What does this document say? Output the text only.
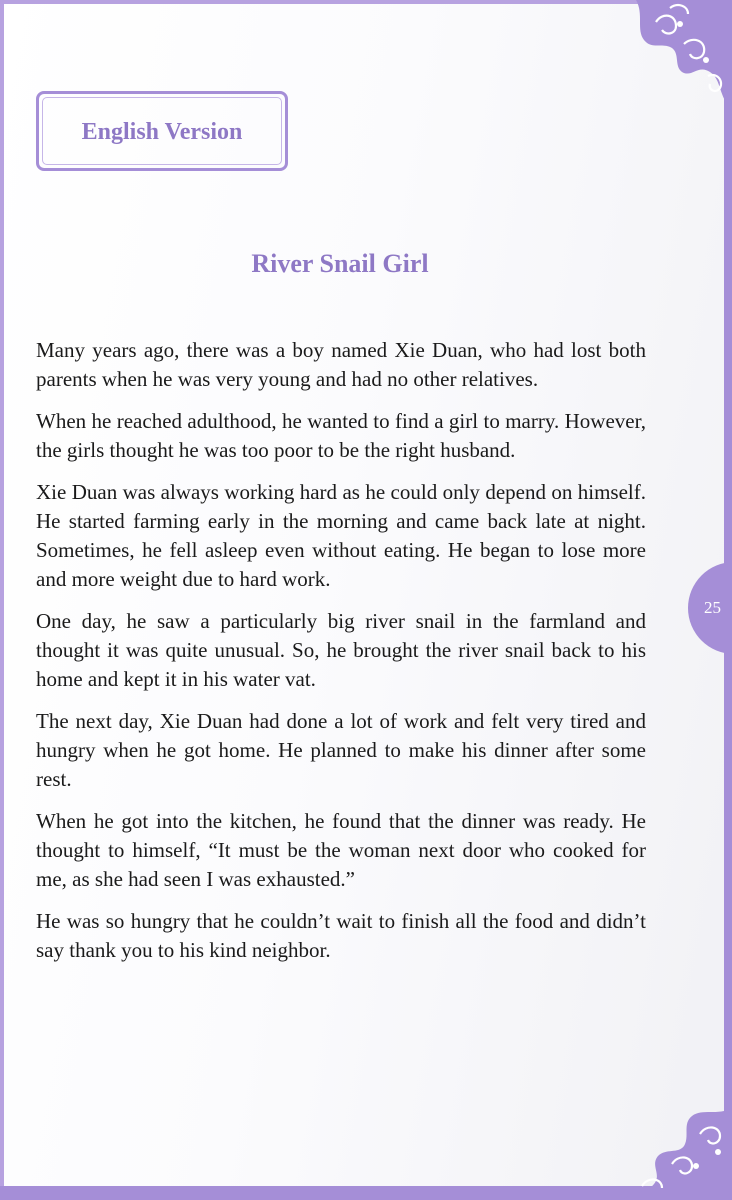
25
English Version
River Snail Girl

Many years ago, there was a boy named Xie Duan, who had lost both parents when he was very young and had no other relatives.

When he reached adulthood, he wanted to find a girl to marry. However, the girls thought he was too poor to be the right husband.

Xie Duan was always working hard as he could only depend on himself. He started farming early in the morning and came back late at night. Sometimes, he fell asleep even without eating. He began to lose more and more weight due to hard work.

One day, he saw a particularly big river snail in the farmland and thought it was quite unusual. So, he brought the river snail back to his home and kept it in his water vat.

The next day, Xie Duan had done a lot of work and felt very tired and hungry when he got home. He planned to make his dinner after some rest.

When he got into the kitchen, he found that the dinner was ready. He thought to himself, “It must be the woman next door who cooked for me, as she had seen I was exhausted.”

He was so hungry that he couldn’t wait to finish all the food and didn’t say thank you to his kind neighbor.
